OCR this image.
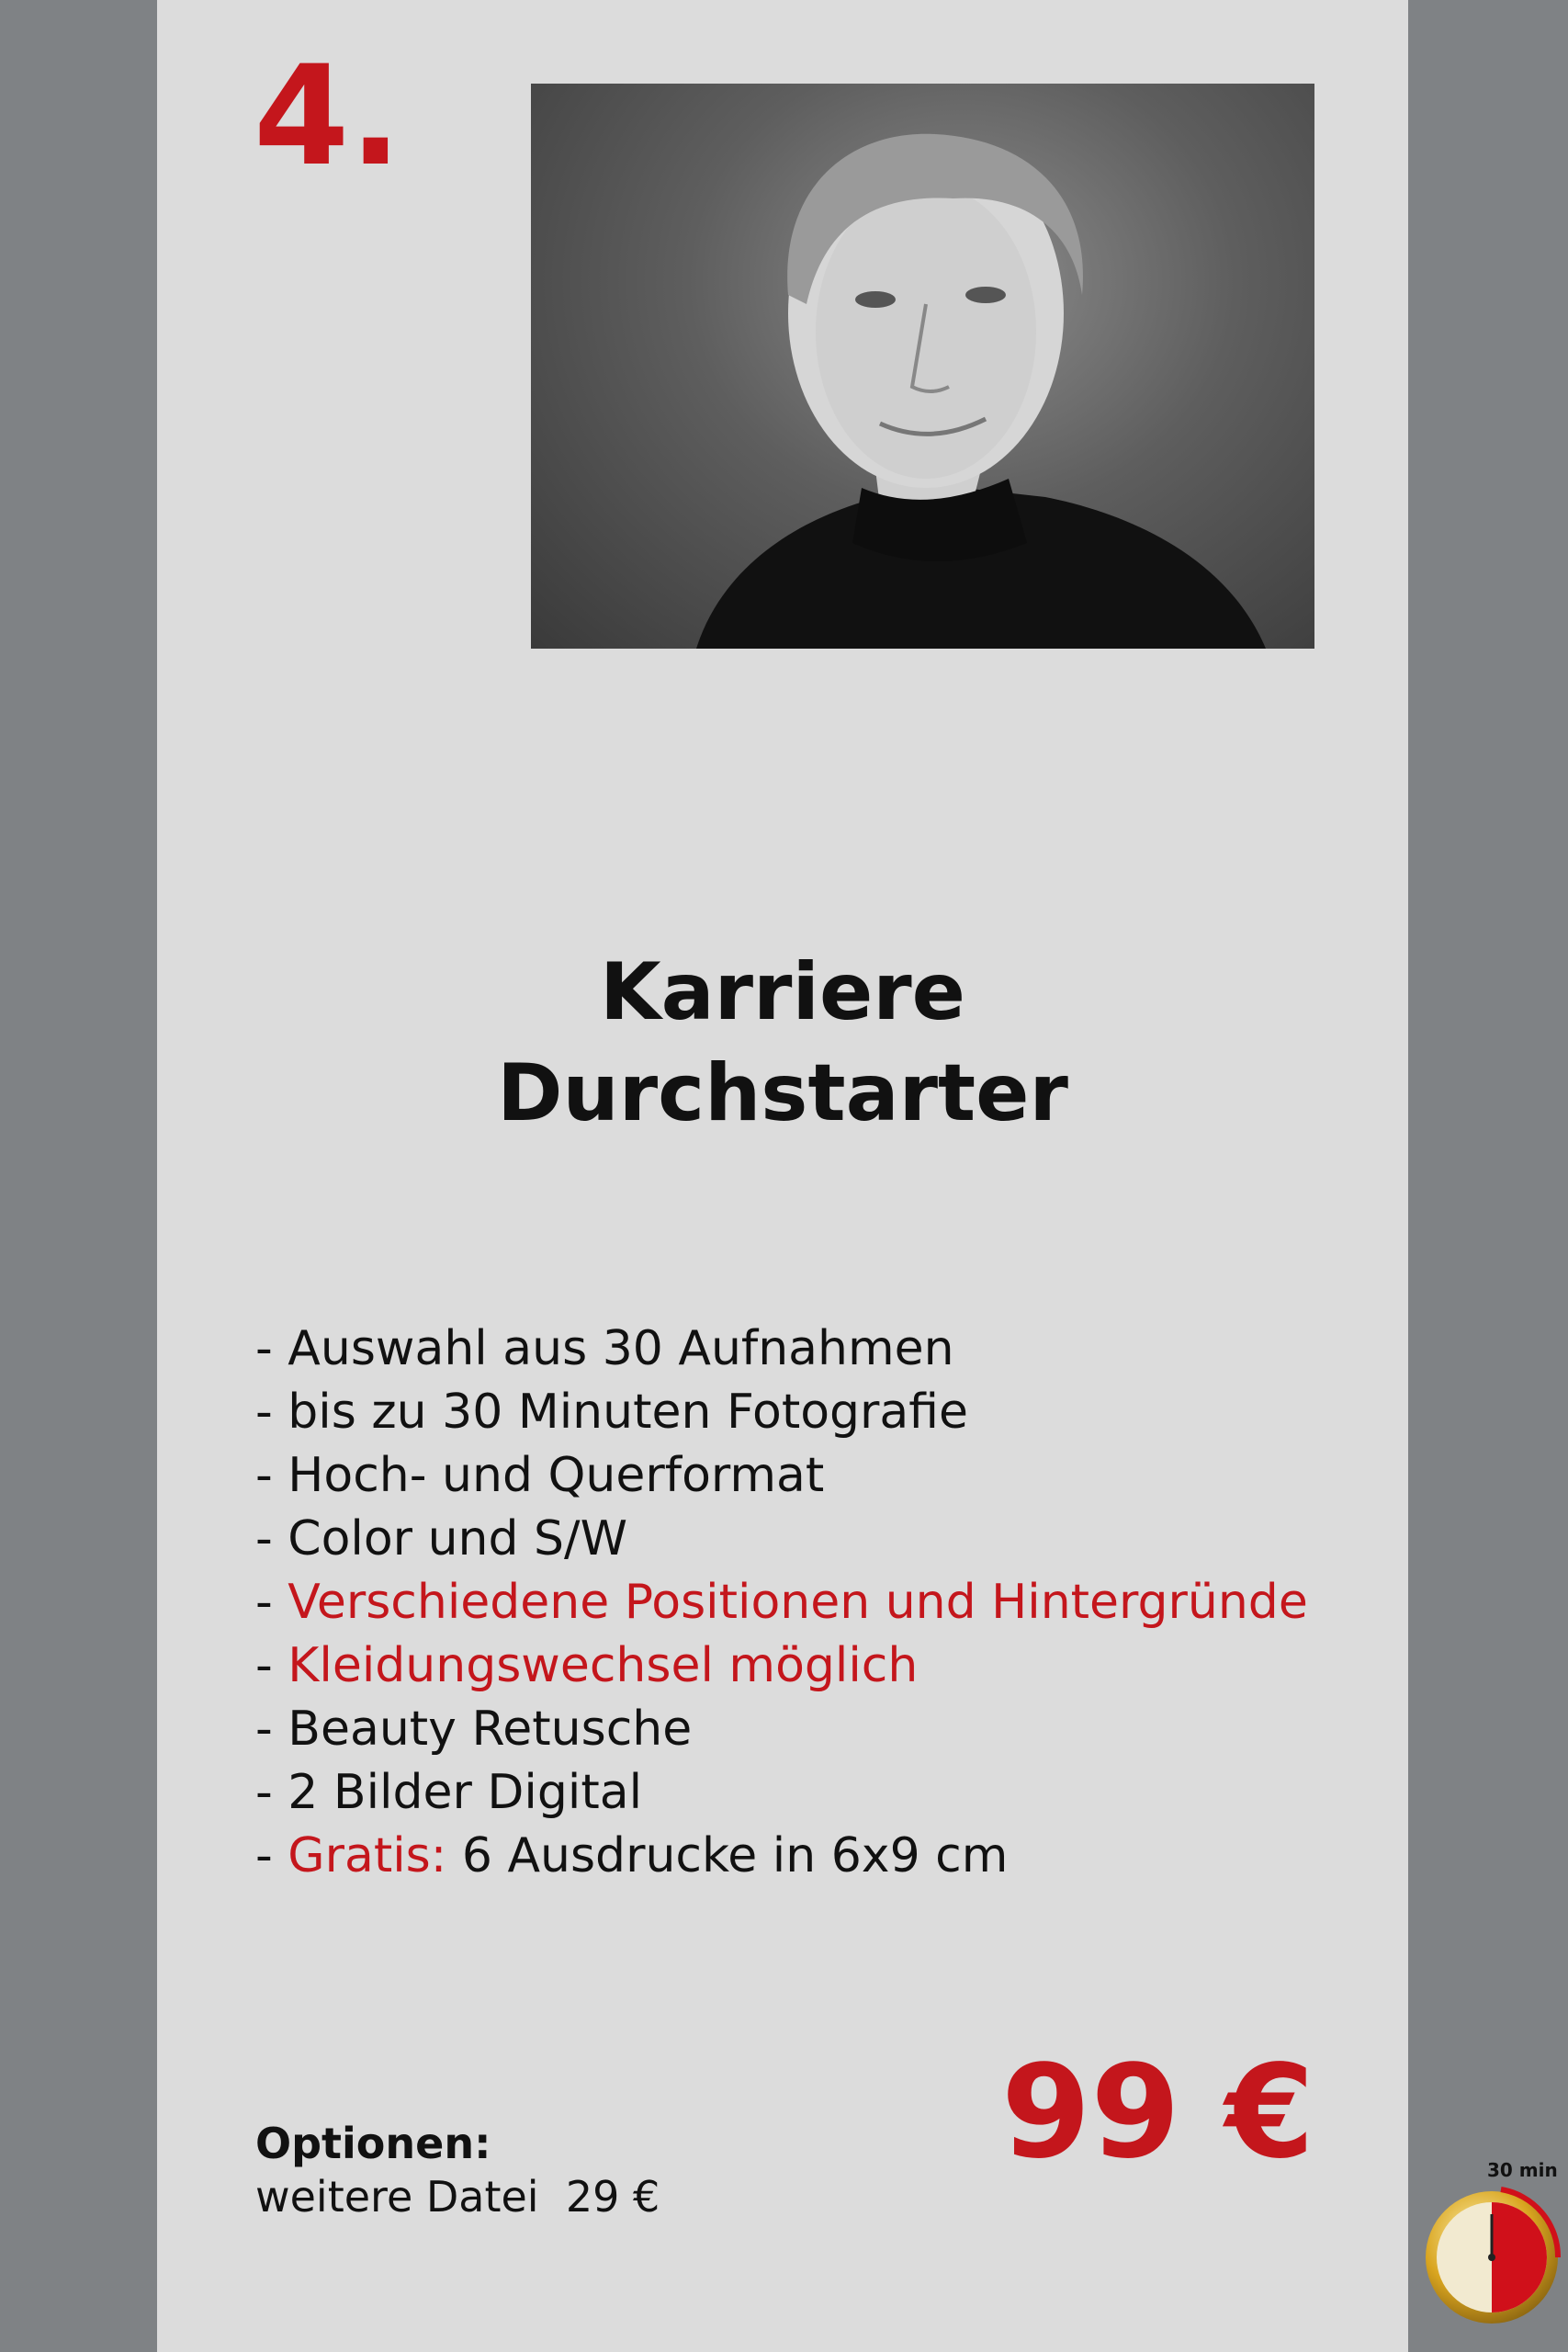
4.
Karriere
Durchstarter
- Auswahl aus 30 Aufnahmen
- bis zu 30 Minuten Fotografie
- Hoch- und Querformat
- Color und S/W
- Verschiedene Positionen und Hintergründe
- Kleidungswechsel möglich
- Beauty Retusche
- 2 Bilder Digital
- Gratis: 6 Ausdrucke in 6x9 cm
99 €
Optionen:
weitere Datei  29 €
30 min
